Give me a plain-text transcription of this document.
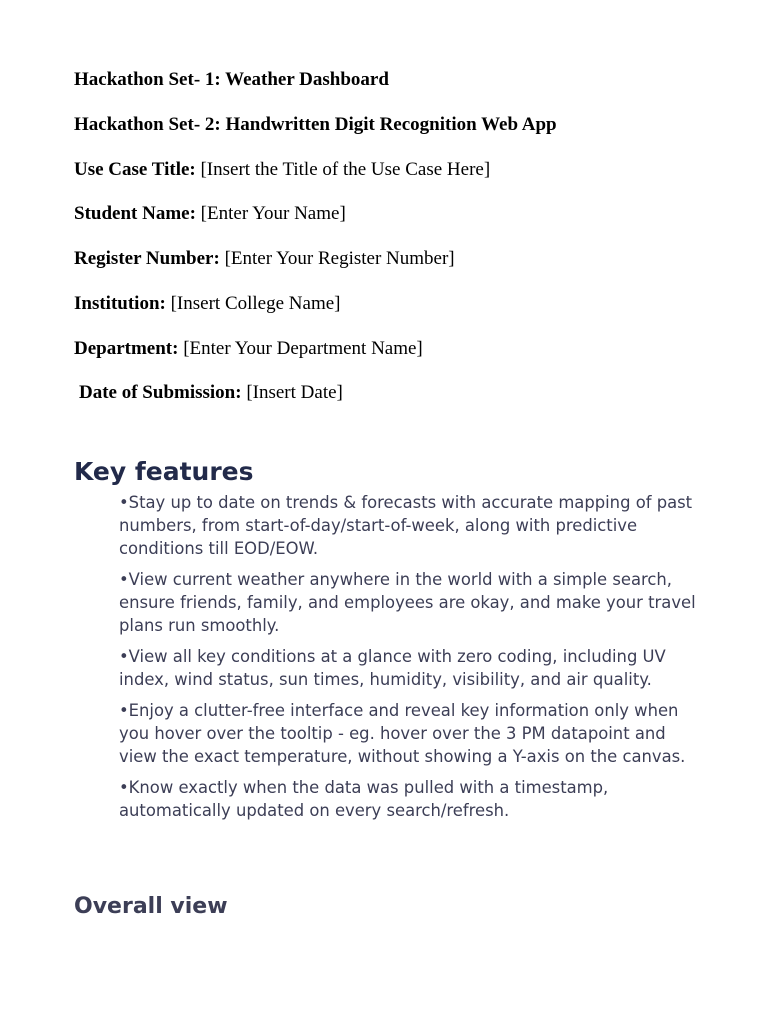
Hackathon Set- 1: Weather Dashboard
Hackathon Set- 2: Handwritten Digit Recognition Web App
Use Case Title: [Insert the Title of the Use Case Here]
Student Name: [Enter Your Name]
Register Number: [Enter Your Register Number]
Institution: [Insert College Name]
Department: [Enter Your Department Name]
Date of Submission: [Insert Date]
Key features
•Stay up to date on trends & forecasts with accurate mapping of past numbers, from start-of-day/start-of-week, along with predictive conditions till EOD/EOW.
•View current weather anywhere in the world with a simple search, ensure friends, family, and employees are okay, and make your travel plans run smoothly.
•View all key conditions at a glance with zero coding, including UV index, wind status, sun times, humidity, visibility, and air quality.
•Enjoy a clutter-free interface and reveal key information only when you hover over the tooltip - eg. hover over the 3 PM datapoint and view the exact temperature, without showing a Y-axis on the canvas.
•Know exactly when the data was pulled with a timestamp, automatically updated on every search/refresh.
Overall view
